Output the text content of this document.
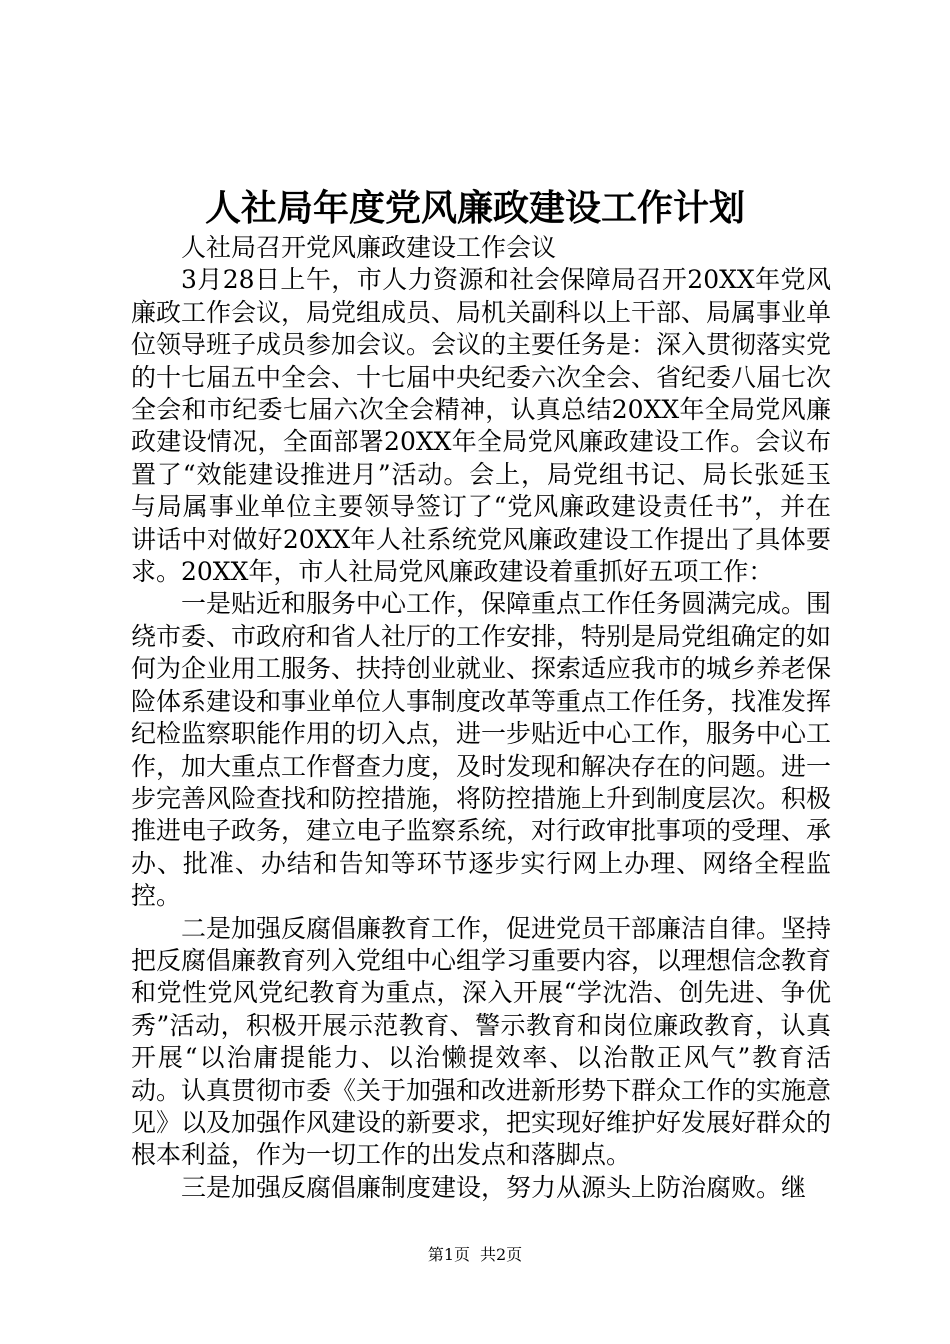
人社局年度党风廉政建设工作计划

人社局召开党风廉政建设工作会议

3月28日上午，市人力资源和社会保障局召开20XX年党风廉政工作会议，局党组成员、局机关副科以上干部、局属事业单位领导班子成员参加会议。会议的主要任务是：深入贯彻落实党的十七届五中全会、十七届中央纪委六次全会、省纪委八届七次全会和市纪委七届六次全会精神，认真总结20XX年全局党风廉政建设情况，全面部署20XX年全局党风廉政建设工作。会议布置了“效能建设推进月”活动。会上，局党组书记、局长张延玉与局属事业单位主要领导签订了“党风廉政建设责任书”，并在讲话中对做好20XX年人社系统党风廉政建设工作提出了具体要求。20XX年，市人社局党风廉政建设着重抓好五项工作：

一是贴近和服务中心工作，保障重点工作任务圆满完成。围绕市委、市政府和省人社厅的工作安排，特别是局党组确定的如何为企业用工服务、扶持创业就业、探索适应我市的城乡养老保险体系建设和事业单位人事制度改革等重点工作任务，找准发挥纪检监察职能作用的切入点，进一步贴近中心工作，服务中心工作，加大重点工作督查力度，及时发现和解决存在的问题。进一步完善风险查找和防控措施，将防控措施上升到制度层次。积极推进电子政务，建立电子监察系统，对行政审批事项的受理、承办、批准、办结和告知等环节逐步实行网上办理、网络全程监控。

二是加强反腐倡廉教育工作，促进党员干部廉洁自律。坚持把反腐倡廉教育列入党组中心组学习重要内容，以理想信念教育和党性党风党纪教育为重点，深入开展“学沈浩、创先进、争优秀”活动，积极开展示范教育、警示教育和岗位廉政教育，认真开展“以治庸提能力、以治懒提效率、以治散正风气”教育活动。认真贯彻市委《关于加强和改进新形势下群众工作的实施意见》以及加强作风建设的新要求，把实现好维护好发展好群众的根本利益，作为一切工作的出发点和落脚点。

三是加强反腐倡廉制度建设，努力从源头上防治腐败。继

第1页 共2页
